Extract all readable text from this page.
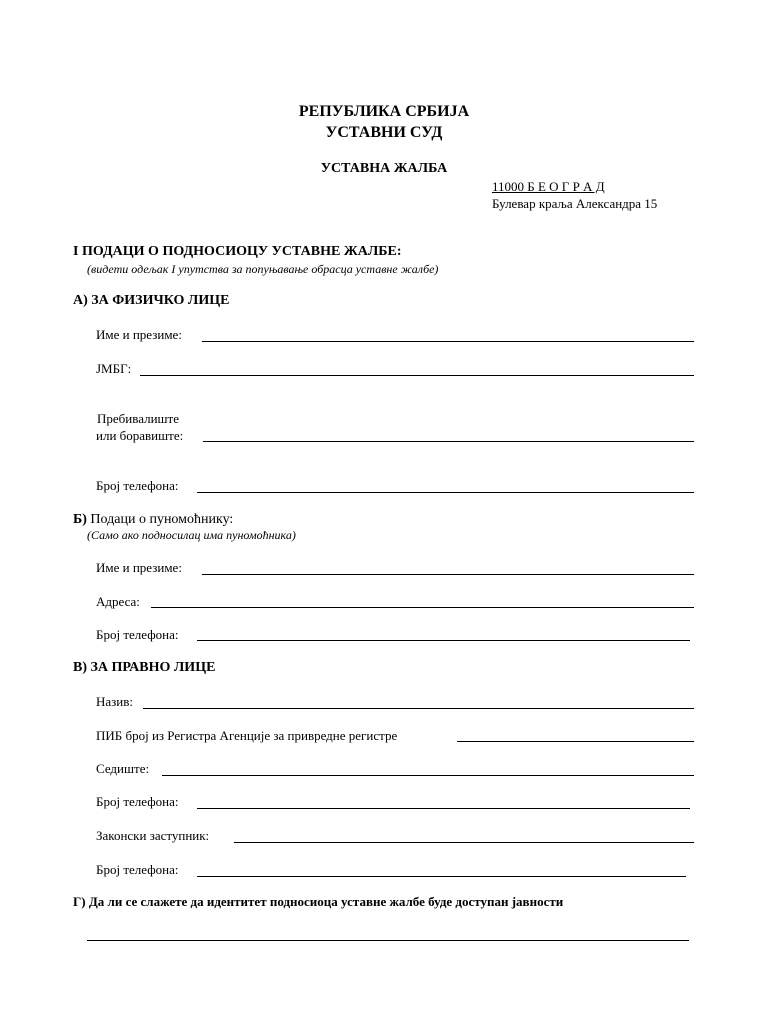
РЕПУБЛИКА СРБИЈА
УСТАВНИ СУД
УСТАВНА ЖАЛБА
11000 Б Е О Г Р А Д
Булевар краља Александра 15
I ПОДАЦИ О ПОДНОСИОЦУ УСТАВНЕ ЖАЛБЕ:
(видети одељак I упутства за попуњавање обрасца уставне жалбе)
А) ЗА ФИЗИЧКО ЛИЦЕ
Име и презиме:
ЈМБГ:
Пребивалиште
или боравиште:
Број телефона:
Б) Подаци о пуномоћнику:
(Само ако подносилац има пуномоћника)
Име и презиме:
Адреса:
Број телефона:
В) ЗА ПРАВНО ЛИЦЕ
Назив:
ПИБ број из Регистра Агенције за привредне регистре
Седиште:
Број телефона:
Законски заступник:
Број телефона:
Г) Да ли се слажете да идентитет подносиоца уставне жалбе буде доступан јавности
